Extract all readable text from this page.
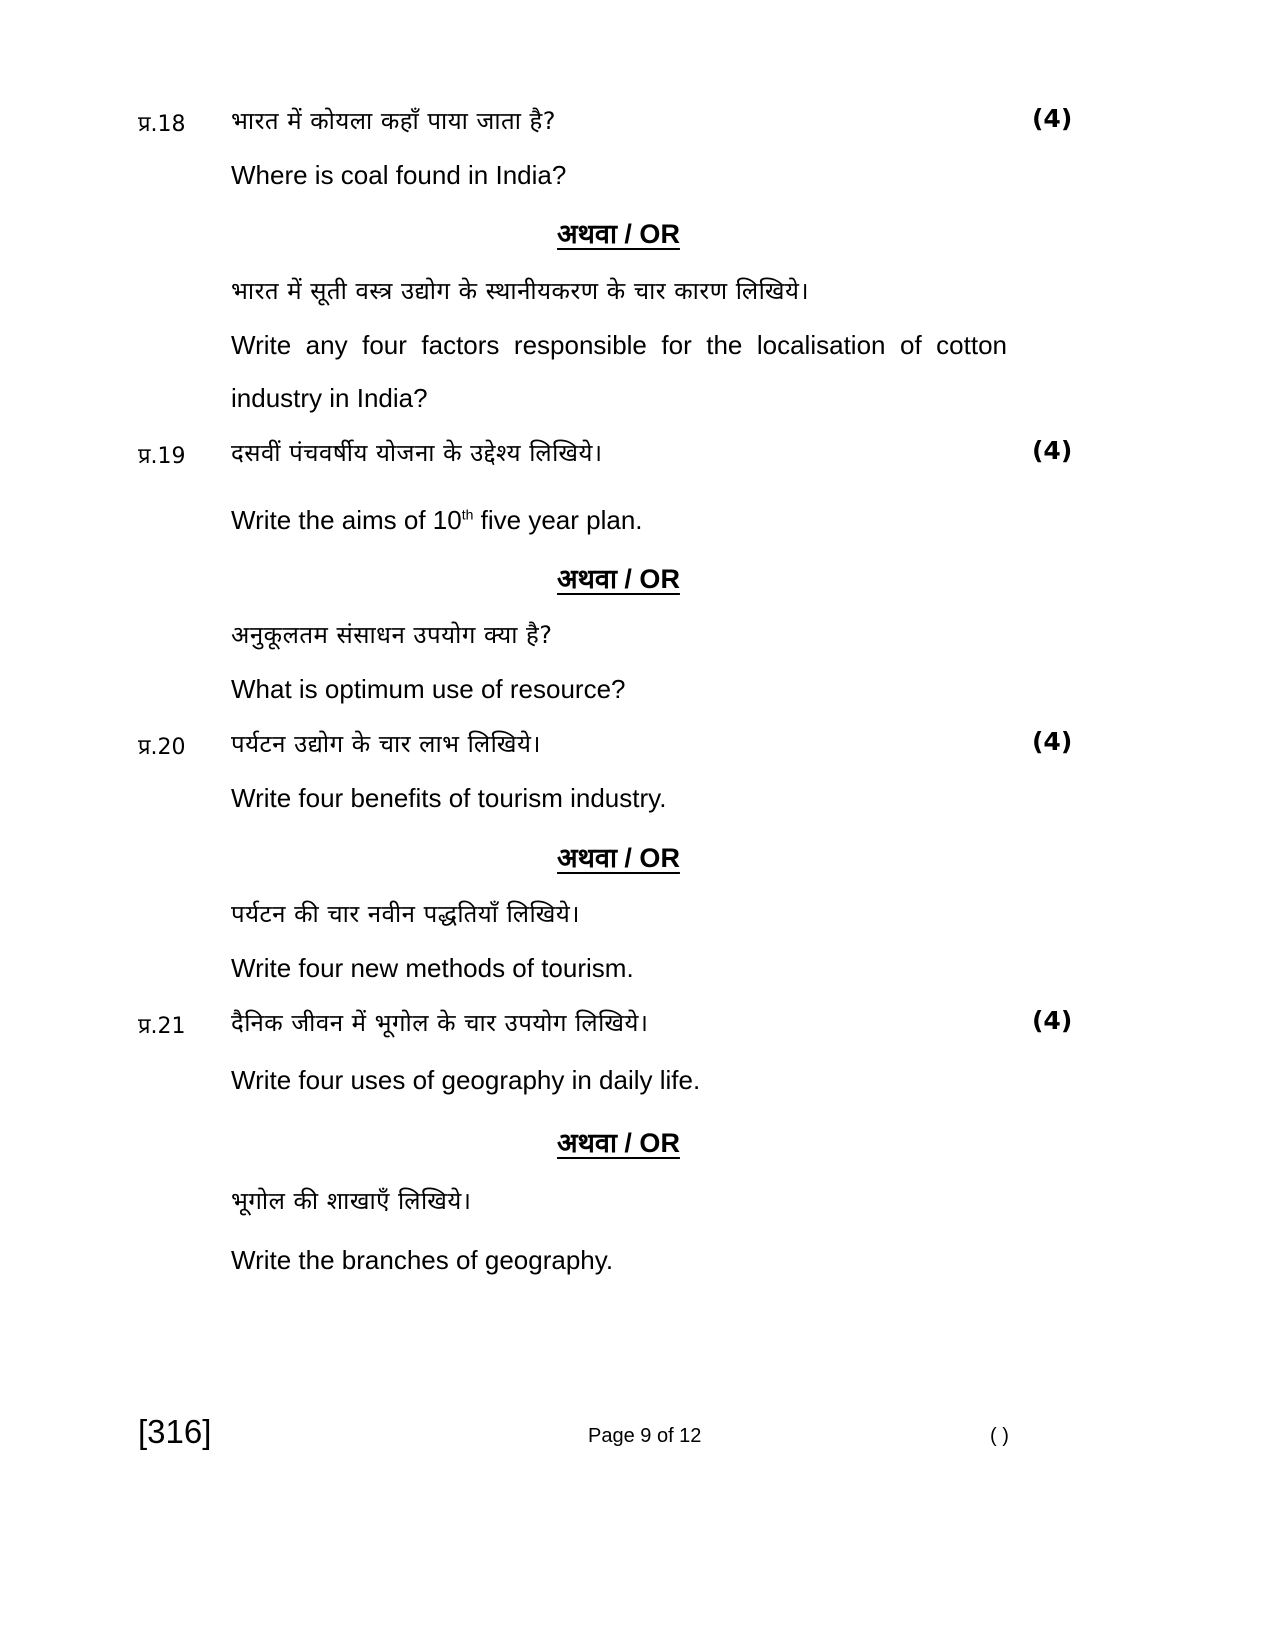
प्र.18 भारत में कोयला कहाँ पाया जाता है?	(4)
Where is coal found in India?
अथवा / OR
भारत में सूती वस्त्र उद्योग के स्थानीयकरण के चार कारण लिखिये।
Write any four factors responsible for the localisation of cotton
industry in India?
प्र.19 दसवीं पंचवर्षीय योजना के उद्देश्य लिखिये।	(4)
Write the aims of 10th five year plan.
अथवा / OR
अनुकूलतम संसाधन उपयोग क्या है?
What is optimum use of resource?
प्र.20 पर्यटन उद्योग के चार लाभ लिखिये।	(4)
Write four benefits of tourism industry.
अथवा / OR
पर्यटन की चार नवीन पद्धतियाँ लिखिये।
Write four new methods of tourism.
प्र.21 दैनिक जीवन में भूगोल के चार उपयोग लिखिये।	(4)
Write four uses of geography in daily life.
अथवा / OR
भूगोल की शाखाएँ लिखिये।
Write the branches of geography.
[316]	Page 9 of 12	( )
